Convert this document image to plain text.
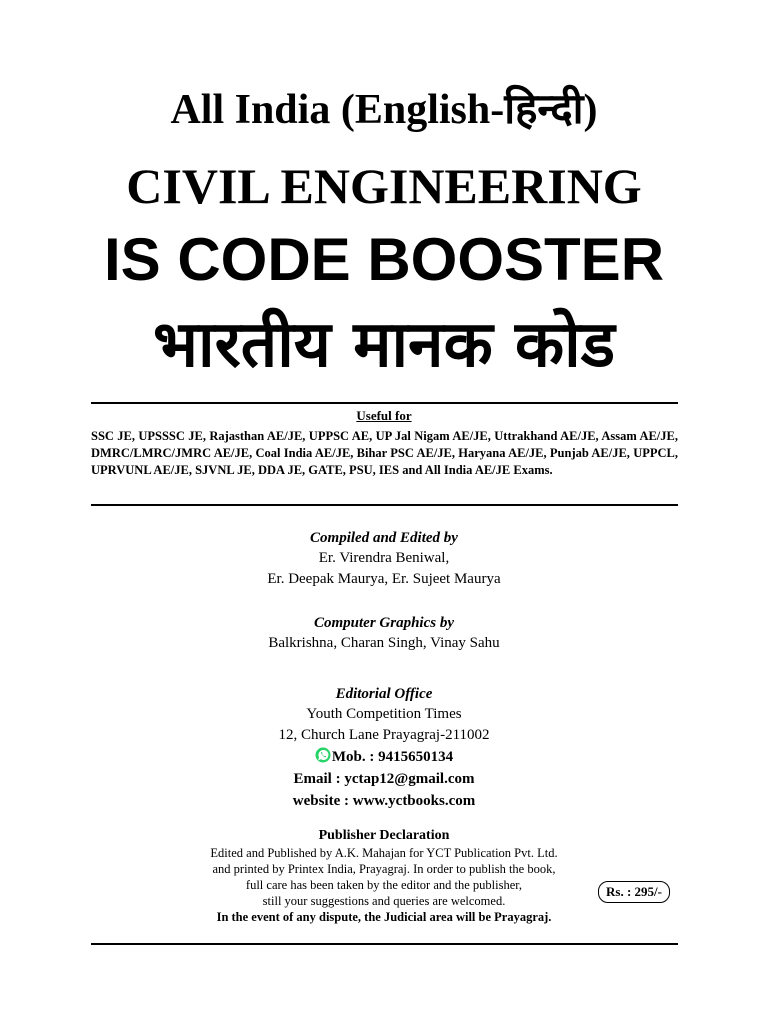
All India (English-हिन्दी)
CIVIL ENGINEERING
IS CODE BOOSTER
भारतीय मानक कोड
Useful for
SSC JE, UPSSSC JE, Rajasthan AE/JE, UPPSC AE, UP Jal Nigam AE/JE, Uttrakhand AE/JE, Assam AE/JE, DMRC/LMRC/JMRC AE/JE, Coal India AE/JE, Bihar PSC AE/JE, Haryana AE/JE, Punjab AE/JE, UPPCL, UPRVUNL AE/JE, SJVNL JE, DDA JE, GATE, PSU, IES and All India AE/JE Exams.
Compiled and Edited by
Er. Virendra Beniwal,
Er. Deepak Maurya, Er. Sujeet Maurya
Computer Graphics by
Balkrishna, Charan Singh, Vinay Sahu
Editorial Office
Youth Competition Times
12, Church Lane Prayagraj-211002
Mob. : 9415650134
Email : yctap12@gmail.com
website : www.yctbooks.com
Publisher Declaration
Edited and Published by A.K. Mahajan for YCT Publication Pvt. Ltd.
and printed by Printex India, Prayagraj. In order to publish the book,
full care has been taken by the editor and the publisher,
still your suggestions and queries are welcomed.
In the event of any dispute, the Judicial area will be Prayagraj.
Rs. : 295/-
